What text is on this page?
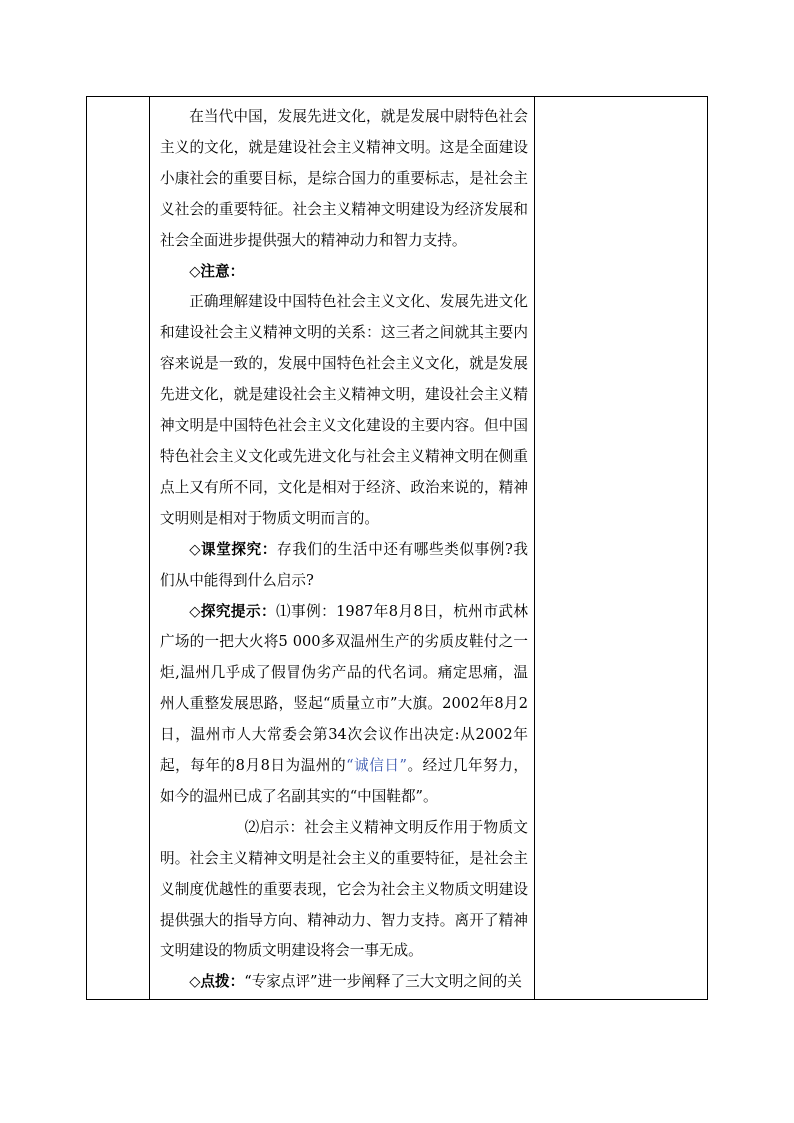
在当代中国，发展先进文化，就是发展中尉特色社会主义的文化，就是建设社会主义精神文明。这是全面建设小康社会的重要目标，是综合国力的重要标志，是社会主义社会的重要特征。社会主义精神文明建设为经济发展和社会全面进步提供强大的精神动力和智力支持。

◇注意：

正确理解建设中国特色社会主义文化、发展先进文化和建设社会主义精神文明的关系：这三者之间就其主要内容来说是一致的，发展中国特色社会主义文化，就是发展先进文化，就是建设社会主义精神文明，建设社会主义精神文明是中国特色社会主义文化建设的主要内容。但中国特色社会主义文化或先进文化与社会主义精神文明在侧重点上又有所不同，文化是相对于经济、政治来说的，精神文明则是相对于物质文明而言的。

◇课堂探究：存我们的生活中还有哪些类似事例?我们从中能得到什么启示?

◇探究提示：⑴事例：1987年8月8日，杭州市武林广场的一把大火将5 000多双温州生产的劣质皮鞋付之一炬,温州几乎成了假冒伪劣产品的代名词。痛定思痛，温州人重整发展思路，竖起“质量立市”大旗。2002年8月2日，温州市人大常委会第34次会议作出决定:从2002年起，每年的8月8日为温州的“诚信日”。经过几年努力，如今的温州已成了名副其实的“中国鞋都”。

⑵启示：社会主义精神文明反作用于物质文明。社会主义精神文明是社会主义的重要特征，是社会主义制度优越性的重要表现，它会为社会主义物质文明建设提供强大的指导方向、精神动力、智力支持。离开了精神文明建设的物质文明建设将会一事无成。

◇点拨：“专家点评”进一步阐释了三大文明之间的关
